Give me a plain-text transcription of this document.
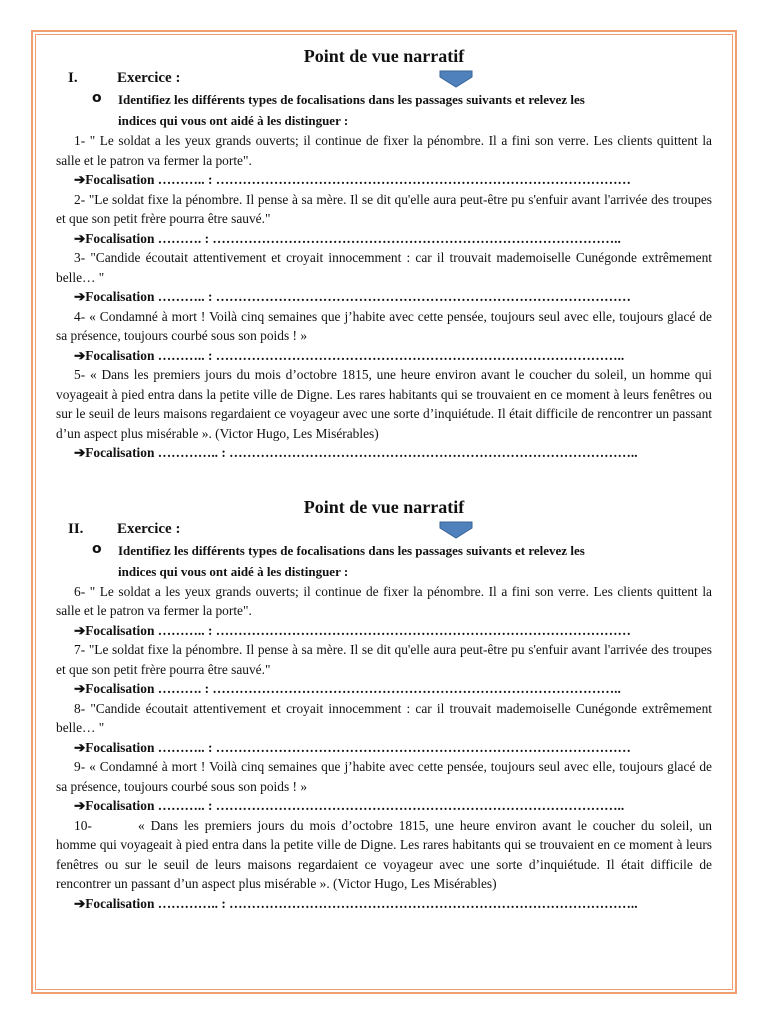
Point de vue narratif
I.	Exercice :
o Identifiez les différents types de focalisations dans les passages suivants et relevez les
indices qui vous ont aidé à les distinguer :

1- " Le soldat a les yeux grands ouverts; il continue de fixer la pénombre. Il a fini son verre. Les clients quittent la salle et le patron va fermer la porte".

➔Focalisation ……….. : …………………………………………………………………………………

2- "Le soldat fixe la pénombre. Il pense à sa mère. Il se dit qu'elle aura peut-être pu s'enfuir avant l'arrivée des troupes et que son petit frère pourra être sauvé."

➔Focalisation ………. : ………………………………………………………………………………..

3- "Candide écoutait attentivement et croyait innocemment : car il trouvait mademoiselle Cunégonde extrêmement belle… "

➔Focalisation ……….. : …………………………………………………………………………………

4- « Condamné à mort ! Voilà cinq semaines que j’habite avec cette pensée, toujours seul avec elle, toujours glacé de sa présence, toujours courbé sous son poids ! »

➔Focalisation ……….. : ………………………………………………………………………………..

5- « Dans les premiers jours du mois d’octobre 1815, une heure environ avant le coucher du soleil, un homme qui voyageait à pied entra dans la petite ville de Digne. Les rares habitants qui se trouvaient en ce moment à leurs fenêtres ou sur le seuil de leurs maisons regardaient ce voyageur avec une sorte d’inquiétude. Il était difficile de rencontrer un passant d’un aspect plus misérable ». (Victor Hugo, Les Misérables)

➔Focalisation ………….. : ………………………………………………………………………………..
Point de vue narratif
II. Exercice :
o Identifiez les différents types de focalisations dans les passages suivants et relevez les
indices qui vous ont aidé à les distinguer :

6- " Le soldat a les yeux grands ouverts; il continue de fixer la pénombre. Il a fini son verre. Les clients quittent la salle et le patron va fermer la porte".

➔Focalisation ……….. : …………………………………………………………………………………

7- "Le soldat fixe la pénombre. Il pense à sa mère. Il se dit qu'elle aura peut-être pu s'enfuir avant l'arrivée des troupes et que son petit frère pourra être sauvé."

➔Focalisation ………. : ………………………………………………………………………………..

8- "Candide écoutait attentivement et croyait innocemment : car il trouvait mademoiselle Cunégonde extrêmement belle… "

➔Focalisation ……….. : …………………………………………………………………………………

9- « Condamné à mort ! Voilà cinq semaines que j’habite avec cette pensée, toujours seul avec elle, toujours glacé de sa présence, toujours courbé sous son poids ! »

➔Focalisation ……….. : ………………………………………………………………………………..

10-	« Dans les premiers jours du mois d’octobre 1815, une heure environ avant le coucher du soleil, un homme qui voyageait à pied entra dans la petite ville de Digne. Les rares habitants qui se trouvaient en ce moment à leurs fenêtres ou sur le seuil de leurs maisons regardaient ce voyageur avec une sorte d’inquiétude. Il était difficile de rencontrer un passant d’un aspect plus misérable ». (Victor Hugo, Les Misérables)

➔Focalisation ………….. : ………………………………………………………………………………..
